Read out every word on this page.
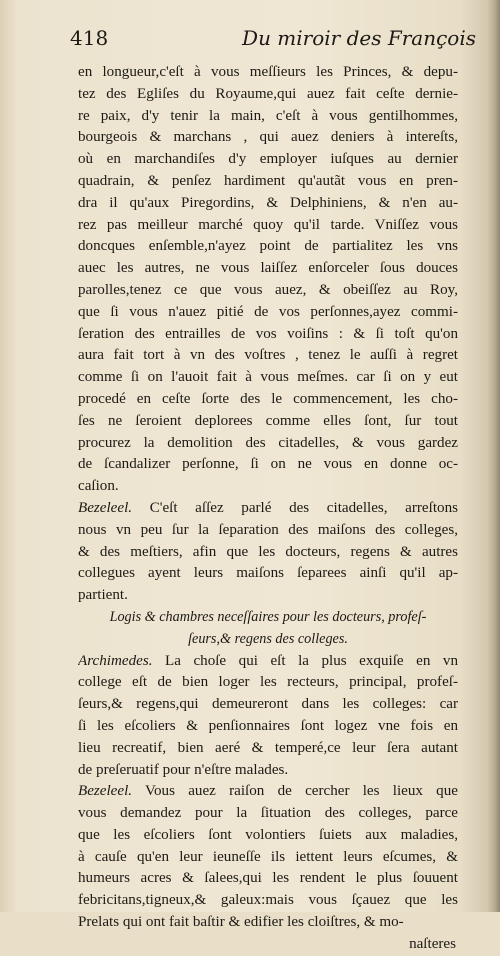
418	Du miroir des François
en longueur,c'eſt à vous meſſieurs les Princes, & depu-
tez des Egliſes du Royaume,qui auez fait ceſte dernie-
re paix, d'y tenir la main, c'eſt à vous gentilhommes,
bourgeois & marchans , qui auez deniers à intereſts,
où en marchandiſes d'y employer iuſques au dernier
quadrain, & penſez hardiment qu'autãt vous en pren-
dra il qu'aux Piregordins, & Delphiniens, & n'en au-
rez pas meilleur marché quoy qu'il tarde. Vniſſez vous
doncques enſemble,n'ayez point de partialitez les vns
auec les autres, ne vous laiſſez enſorceler ſous douces
parolles,tenez ce que vous auez, & obeiſſez au Roy,
que ſi vous n'auez pitié de vos perſonnes,ayez commi-
ſeration des entrailles de vos voiſins : & ſi toſt qu'on
aura fait tort à vn des voſtres , tenez le auſſi à regret
comme ſi on l'auoit fait à vous meſmes. car ſi on y eut
procedé en ceſte ſorte des le commencement, les cho-
ſes ne ſeroient deplorees comme elles ſont, ſur tout
procurez la demolition des citadelles, & vous gardez
de ſcandalizer perſonne, ſi on ne vous en donne oc-
caſion.
Bezeleel. C'eſt aſſez parlé des citadelles, arreſtons
nous vn peu ſur la ſeparation des maiſons des colleges,
& des meſtiers, afin que les docteurs, regens & autres
collegues ayent leurs maiſons ſeparees ainſi qu'il ap-
partient.
Logis & chambres neceſſaires pour les docteurs, profeſ-
ſeurs,& regens des colleges.
Archimedes. La choſe qui eſt la plus exquiſe en vn
college eſt de bien loger les recteurs, principal, profeſ-
ſeurs,& regens,qui demeureront dans les colleges: car
ſi les eſcoliers & penſionnaires ſont logez vne fois en
lieu recreatif, bien aeré & temperé,ce leur ſera autant
de preſeruatif pour n'eſtre malades.
Bezeleel. Vous auez raiſon de cercher les lieux que
vous demandez pour la ſituation des colleges, parce
que les eſcoliers ſont volontiers ſuiets aux maladies,
à cauſe qu'en leur ieuneſſe ils iettent leurs eſcumes, &
humeurs acres & ſalees,qui les rendent le plus ſouuent
febricitans,tigneux,& galeux:mais vous ſçauez que les
Prelats qui ont fait baſtir & edifier les cloiſtres, & mo-
naſteres
